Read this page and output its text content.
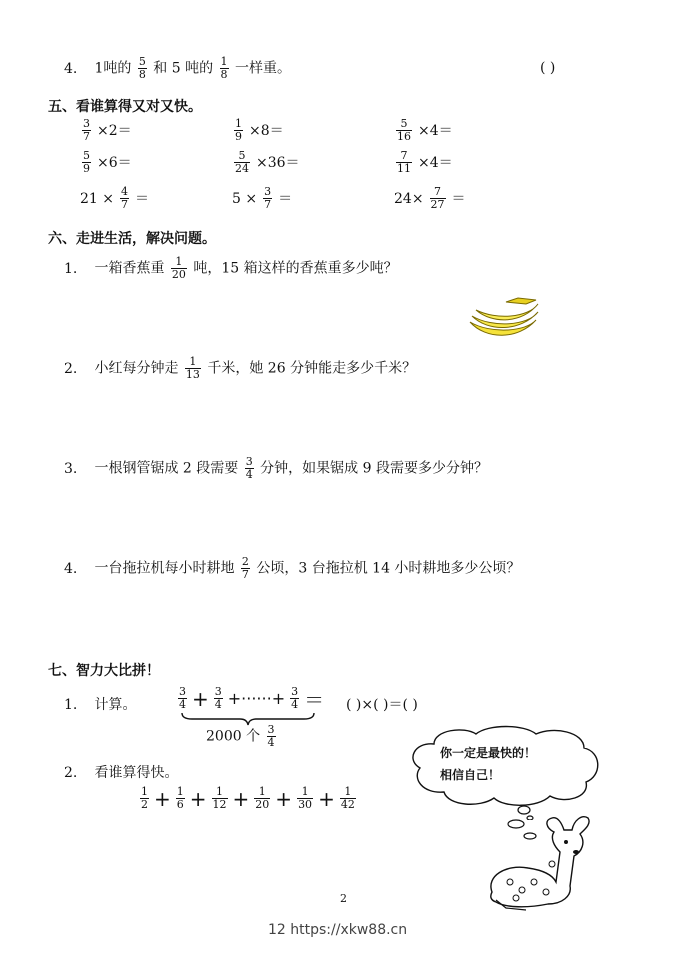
4. 1吨的 $\frac{5}{8}$ 和 5 吨的 $\frac{1}{8}$ 一样重。	( )
五、看谁算得又对又快。
$\frac{3}{7} \times 2=$	$\frac{1}{9} \times 8=$	$\frac{5}{16} \times 4=$
$\frac{5}{9} \times 6=$	$\frac{5}{24} \times 36=$	$\frac{7}{11} \times 4=$
$21 \times \frac{4}{7}$ ＝	$5 \times \frac{3}{7}$ ＝	$24\times \frac{7}{27}$ ＝
六、走进生活，解决问题。
1. 一箱香蕉重 $\frac{1}{20}$ 吨，15 箱这样的香蕉重多少吨？
2. 小红每分钟走 $\frac{1}{13}$ 千米，她 26 分钟能走多少千米？
3. 一根钢管锯成 2 段需要 $\frac{3}{4}$ 分钟，如果锯成 9 段需要多少分钟？
4. 一台拖拉机每小时耕地 $\frac{2}{7}$ 公顷，3 台拖拉机 14 小时耕地多少公顷？
七、智力大比拼！
1. 计算。	$\frac{3}{4} + \frac{3}{4}$ +······+ $\frac{3}{4}$ ＝ ( )×( )＝( )
2000 个 $\frac{3}{4}$
你一定是最快的！
相信自己！
2. 看谁算得快。
$\frac{1}{2} + \frac{1}{6} + \frac{1}{12} + \frac{1}{20} + \frac{1}{30} + \frac{1}{42}$
2
12 https://xkw88.cn
